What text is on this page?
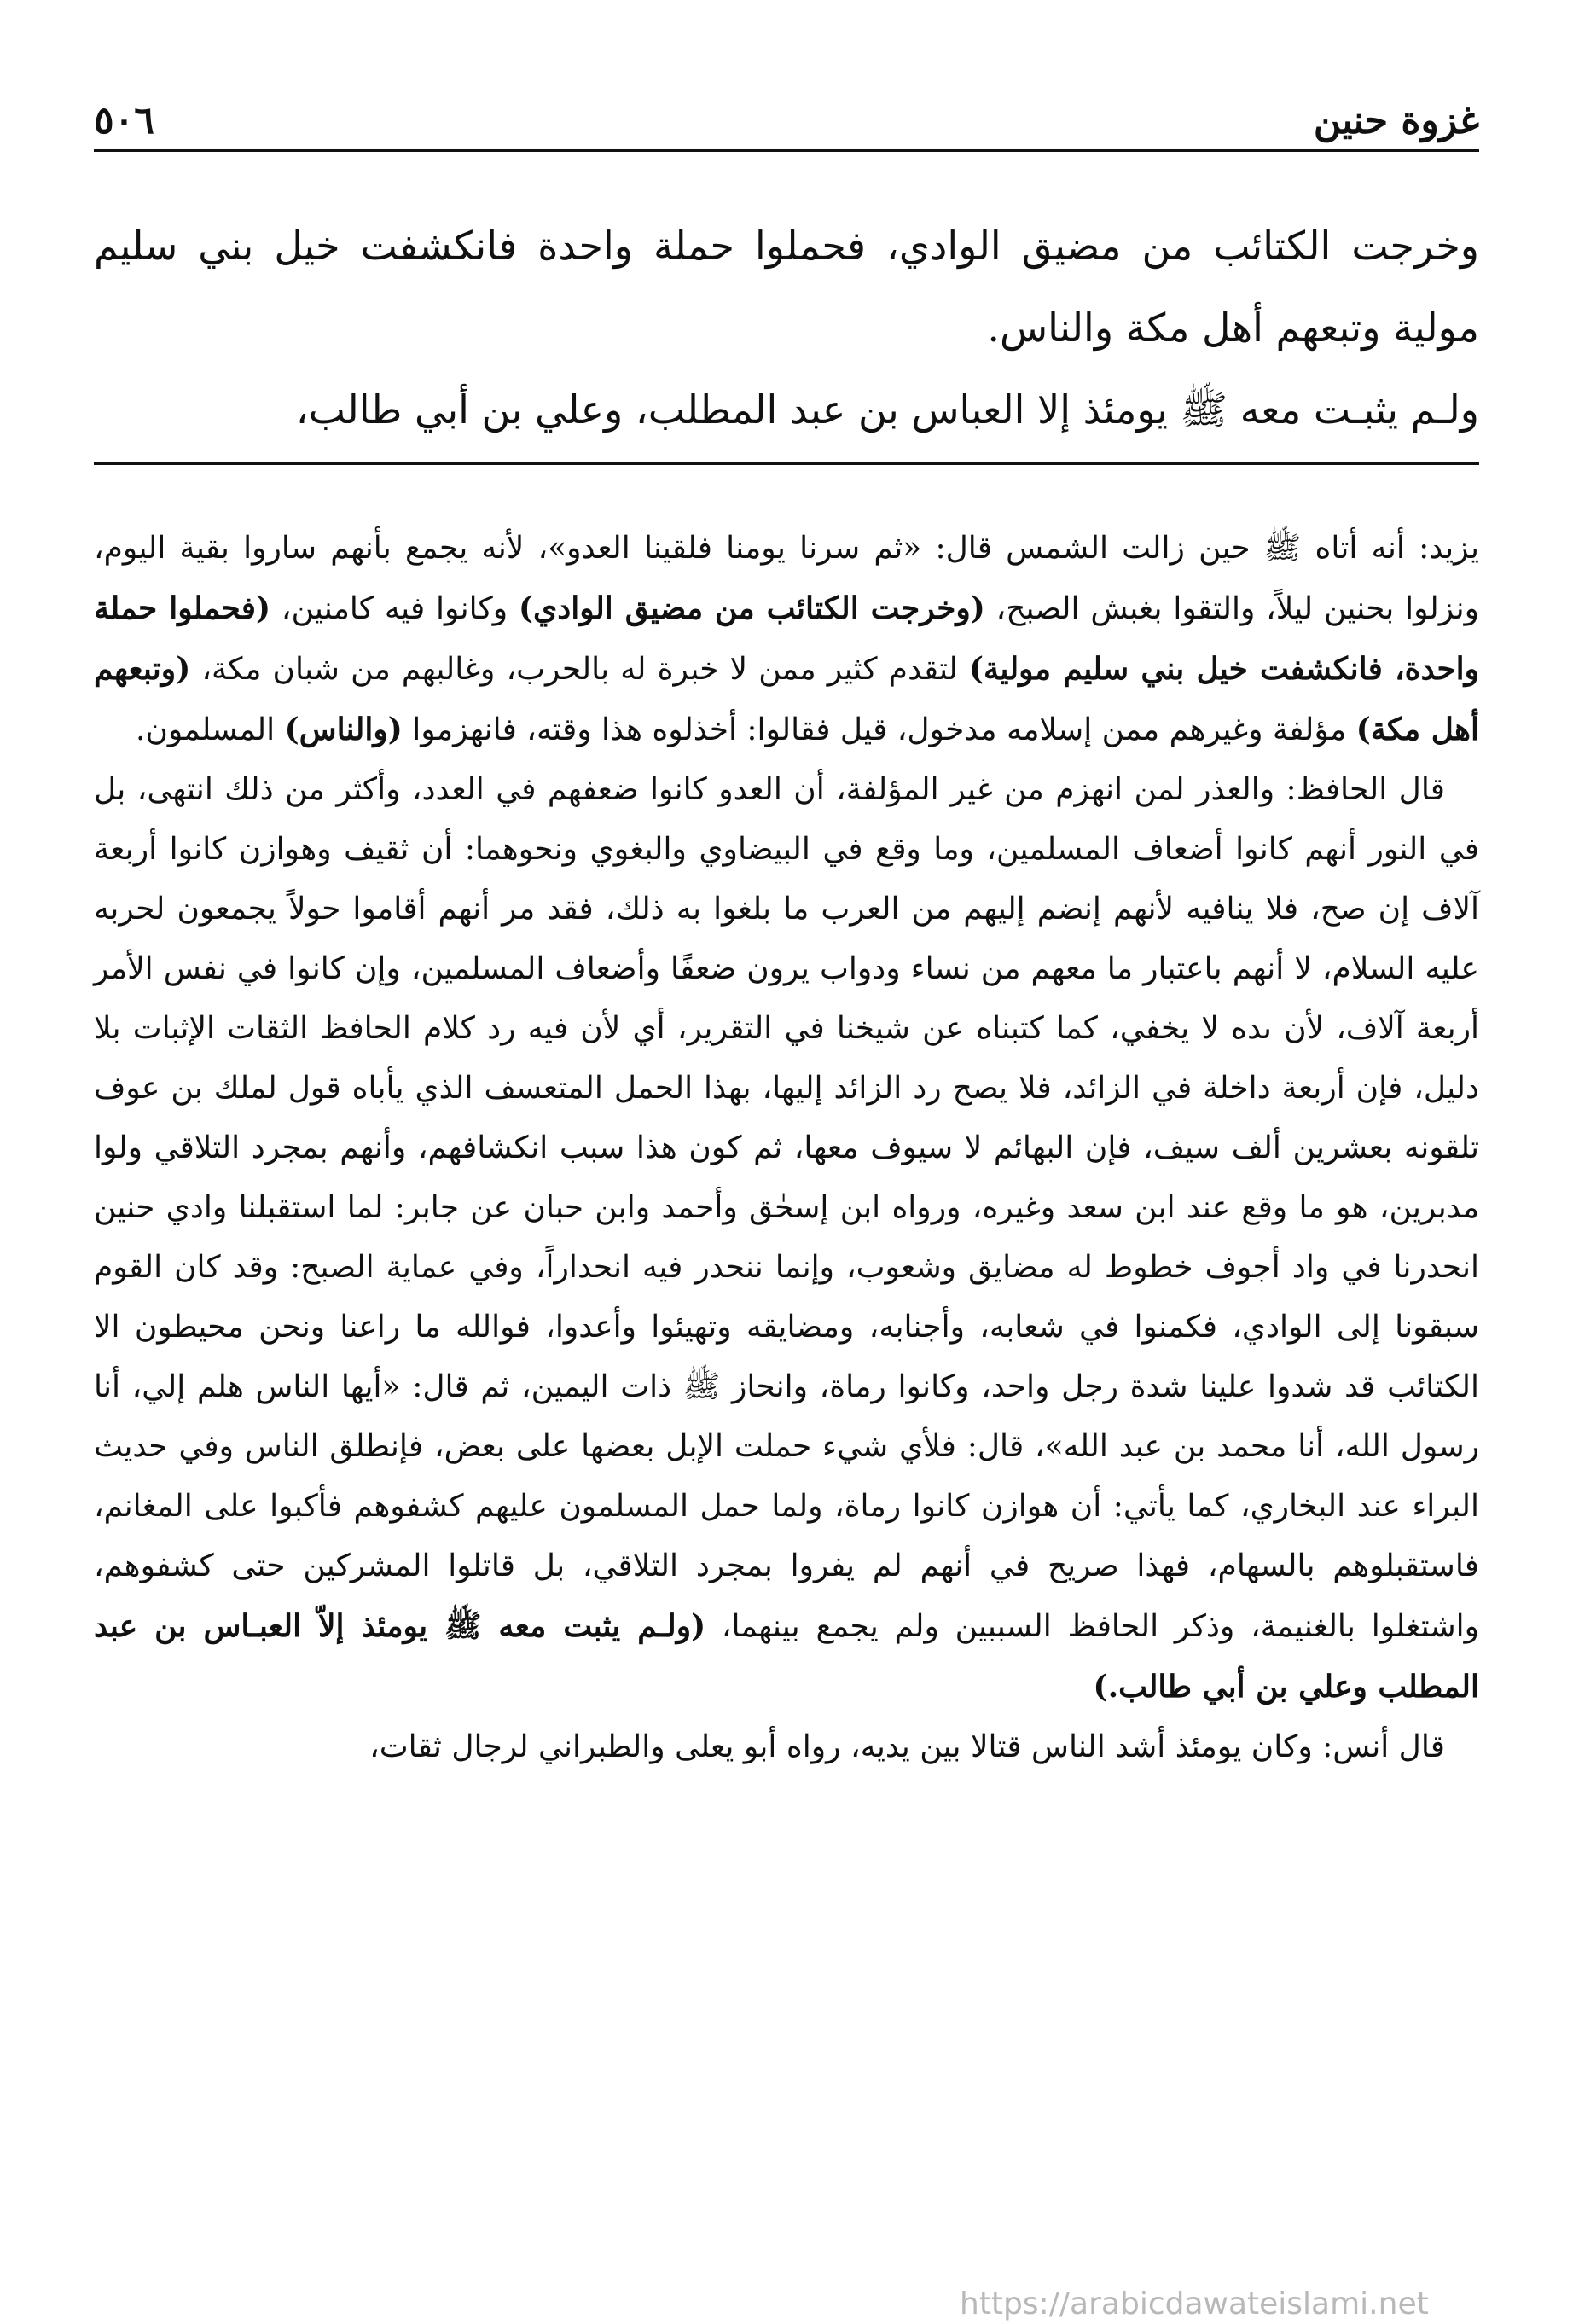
غزوة حنين
٥٠٦

وخرجت الكتائب من مضيق الوادي، فحملوا حملة واحدة فانكشفت خيل بني سليم مولية وتبعهم أهل مكة والناس.

ولـم يثبـت معه ﷺ يومئذ إلا العباس بن عبد المطلب، وعلي بن أبي طالب،

يزيد: أنه أتاه ﷺ حين زالت الشمس قال: «ثم سرنا يومنا فلقينا العدو»، لأنه يجمع بأنهم ساروا بقية اليوم، ونزلوا بحنين ليلاً، والتقوا بغبش الصبح، (وخرجت الكتائب من مضيق الوادي) وكانوا فيه كامنين، (فحملوا حملة واحدة، فانكشفت خيل بني سليم مولية) لتقدم كثير ممن لا خبرة له بالحرب، وغالبهم من شبان مكة، (وتبعهم أهل مكة) مؤلفة وغيرهم ممن إسلامه مدخول، قيل فقالوا: أخذلوه هذا وقته، فانهزموا (والناس) المسلمون.

قال الحافظ: والعذر لمن انهزم من غير المؤلفة، أن العدو كانوا ضعفهم في العدد، وأكثر من ذلك انتهى، بل في النور أنهم كانوا أضعاف المسلمين، وما وقع في البيضاوي والبغوي ونحوهما: أن ثقيف وهوازن كانوا أربعة آلاف إن صح، فلا ينافيه لأنهم إنضم إليهم من العرب ما بلغوا به ذلك، فقد مر أنهم أقاموا حولاً يجمعون لحربه عليه السلام، لا أنهم باعتبار ما معهم من نساء ودواب يرون ضعفًا وأضعاف المسلمين، وإن كانوا في نفس الأمر أربعة آلاف، لأن ىده لا يخفي، كما كتبناه عن شيخنا في التقرير، أي لأن فيه رد كلام الحافظ الثقات الإثبات بلا دليل، فإن أربعة داخلة في الزائد، فلا يصح رد الزائد إليها، بهذا الحمل المتعسف الذي يأباه قول لملك بن عوف تلقونه بعشرين ألف سيف، فإن البهائم لا سيوف معها، ثم كون هذا سبب انكشافهم، وأنهم بمجرد التلاقي ولوا مدبرين، هو ما وقع عند ابن سعد وغيره، ورواه ابن إسحٰق وأحمد وابن حبان عن جابر: لما استقبلنا وادي حنين انحدرنا في واد أجوف خطوط له مضايق وشعوب، وإنما ننحدر فيه انحداراً، وفي عماية الصبح: وقد كان القوم سبقونا إلى الوادي، فكمنوا في شعابه، وأجنابه، ومضايقه وتهيئوا وأعدوا، فوالله ما راعنا ونحن محيطون الا الكتائب قد شدوا علينا شدة رجل واحد، وكانوا رماة، وانحاز ﷺ ذات اليمين، ثم قال: «أيها الناس هلم إلي، أنا رسول الله، أنا محمد بن عبد الله»، قال: فلأي شيء حملت الإبل بعضها على بعض، فإنطلق الناس وفي حديث البراء عند البخاري، كما يأتي: أن هوازن كانوا رماة، ولما حمل المسلمون عليهم كشفوهم فأكبوا على المغانم، فاستقبلوهم بالسهام، فهذا صريح في أنهم لم يفروا بمجرد التلاقي، بل قاتلوا المشركين حتى كشفوهم، واشتغلوا بالغنيمة، وذكر الحافظ السببين ولم يجمع بينهما، (ولـم يثبت معه ﷺ يومئذ إلاّ العبـاس بن عبد المطلب وعلي بن أبي طالب.)

قال أنس: وكان يومئذ أشد الناس قتالا بين يديه، رواه أبو يعلى والطبراني لرجال ثقات،

https://arabicdawateislami.net
